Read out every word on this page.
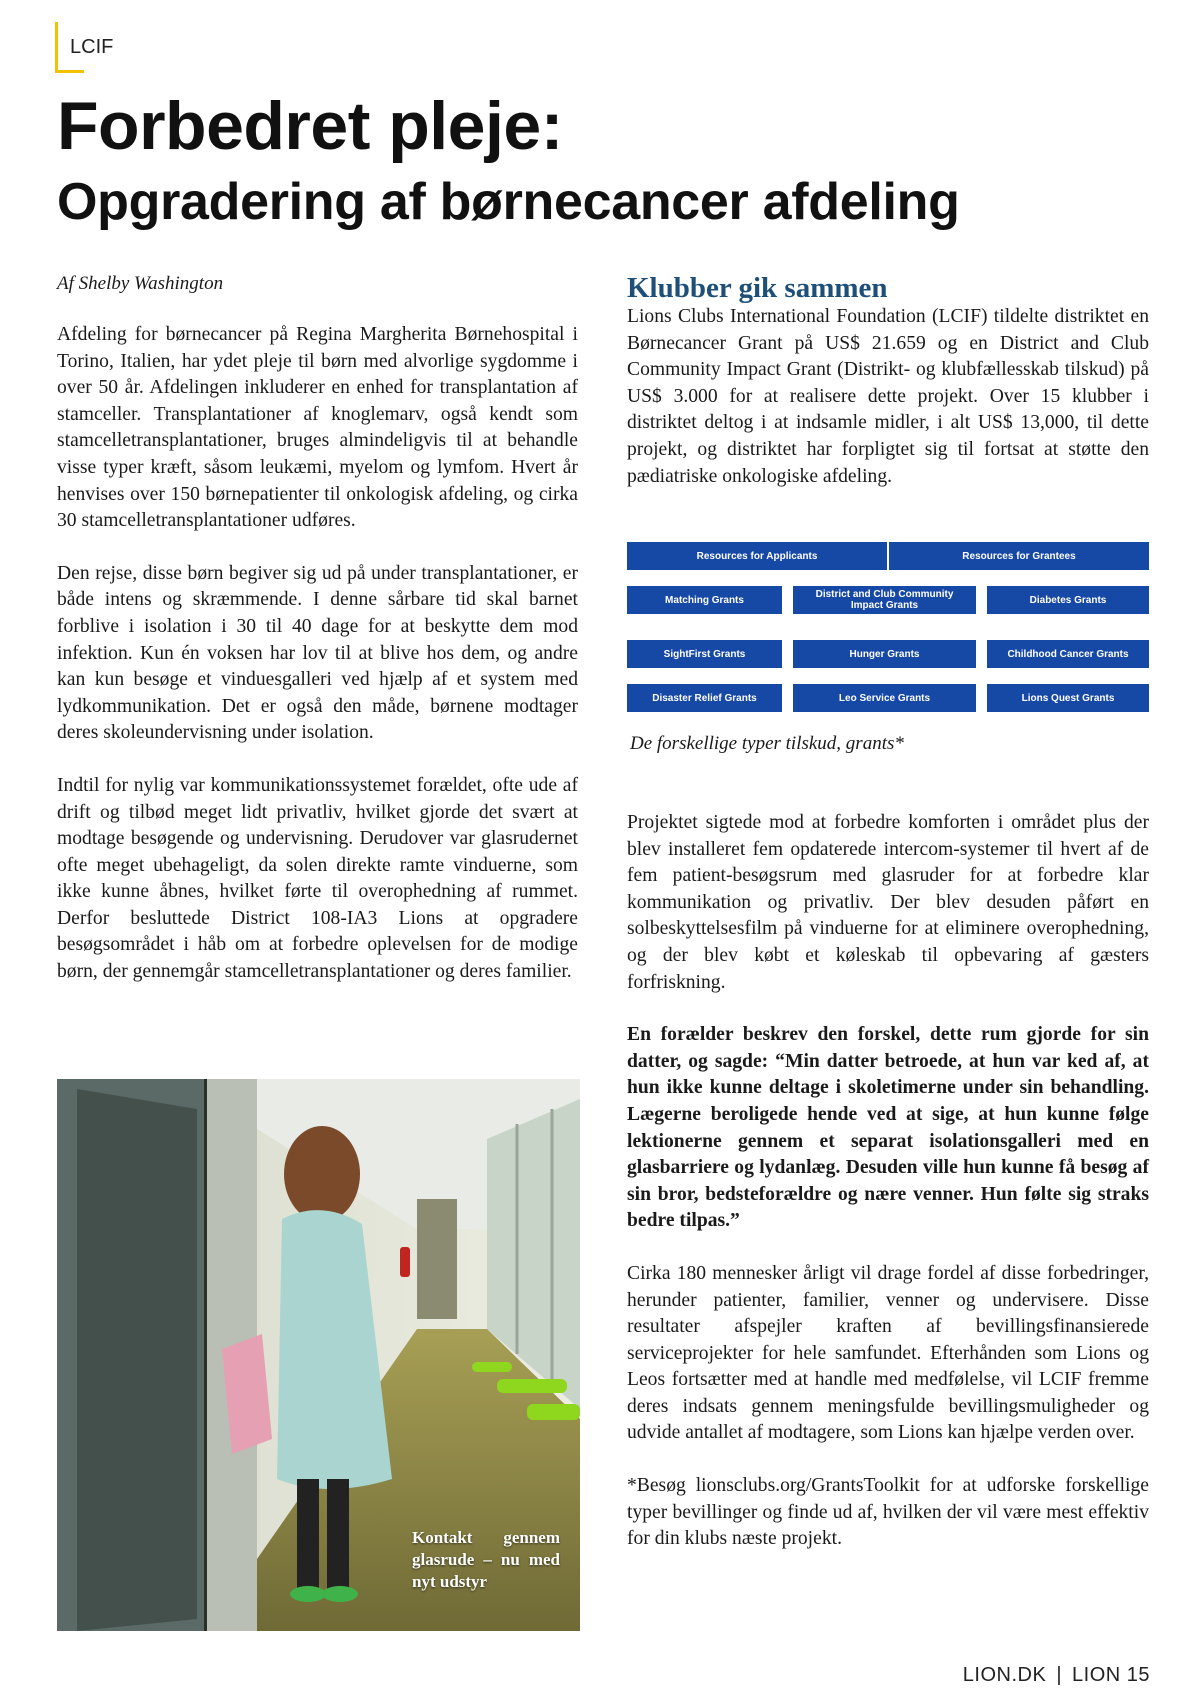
LCIF
Forbedret pleje:
Opgradering af børnecancer afdeling

Af Shelby Washington

Afdeling for børnecancer på Regina Margherita Børnehospital i Torino, Italien, har ydet pleje til børn med alvorlige sygdomme i over 50 år. Afdelingen inkluderer en enhed for transplantation af stamceller. Transplantationer af knoglemarv, også kendt som stamcelletransplantationer, bruges almindeligvis til at behandle visse typer kræft, såsom leukæmi, myelom og lymfom. Hvert år henvises over 150 børnepatienter til onkologisk afdeling, og cirka 30 stamcelletransplantationer udføres.

Den rejse, disse børn begiver sig ud på under transplantationer, er både intens og skræmmende. I denne sårbare tid skal barnet forblive i isolation i 30 til 40 dage for at beskytte dem mod infektion. Kun én voksen har lov til at blive hos dem, og andre kan kun besøge et vinduesgalleri ved hjælp af et system med lydkommunikation. Det er også den måde, børnene modtager deres skoleundervisning under isolation.

Indtil for nylig var kommunikationssystemet forældet, ofte ude af drift og tilbød meget lidt privatliv, hvilket gjorde det svært at modtage besøgende og undervisning. Derudover var glasrudernet ofte meget ubehageligt, da solen direkte ramte vinduerne, som ikke kunne åbnes, hvilket førte til overophedning af rummet. Derfor besluttede District 108-IA3 Lions at opgradere besøgsområdet i håb om at forbedre oplevelsen for de modige børn, der gennemgår stamcelletransplantationer og deres familier.

Kontakt gennem glasrude – nu med nyt udstyr
Klubber gik sammen

Lions Clubs International Foundation (LCIF) tildelte distriktet en Børnecancer Grant på US$ 21.659 og en District and Club Community Impact Grant (Distrikt- og klubfællesskab tilskud) på US$ 3.000 for at realisere dette projekt. Over 15 klubber i distriktet deltog i at indsamle midler, i alt US$ 13,000, til dette projekt, og distriktet har forpligtet sig til fortsat at støtte den pædiatriske onkologiske afdeling.

Resources for Applicants	Resources for Grantees
Matching Grants	District and Club Community Impact Grants	Diabetes Grants
SightFirst Grants	Hunger Grants	Childhood Cancer Grants
Disaster Relief Grants	Leo Service Grants	Lions Quest Grants
De forskellige typer tilskud, grants*

Projektet sigtede mod at forbedre komforten i området plus der blev installeret fem opdaterede intercom-systemer til hvert af de fem patient-besøgsrum med glasruder for at forbedre klar kommunikation og privatliv. Der blev desuden påført en solbeskyttelsesfilm på vinduerne for at eliminere overophedning, og der blev købt et køleskab til opbevaring af gæsters forfriskning.

En forælder beskrev den forskel, dette rum gjorde for sin datter, og sagde: “Min datter betroede, at hun var ked af, at hun ikke kunne deltage i skoletimerne under sin behandling. Lægerne beroligede hende ved at sige, at hun kunne følge lektionerne gennem et separat isolationsgalleri med en glasbarriere og lydanlæg. Desuden ville hun kunne få besøg af sin bror, bedsteforældre og nære venner. Hun følte sig straks bedre tilpas.”

Cirka 180 mennesker årligt vil drage fordel af disse forbedringer, herunder patienter, familier, venner og undervisere. Disse resultater afspejler kraften af bevillingsfinansierede serviceprojekter for hele samfundet. Efterhånden som Lions og Leos fortsætter med at handle med medfølelse, vil LCIF fremme deres indsats gennem meningsfulde bevillingsmuligheder og udvide antallet af modtagere, som Lions kan hjælpe verden over.

*Besøg lionsclubs.org/GrantsToolkit for at udforske forskellige typer bevillinger og finde ud af, hvilken der vil være mest effektiv for din klubs næste projekt.

LION.DK | LION 15
